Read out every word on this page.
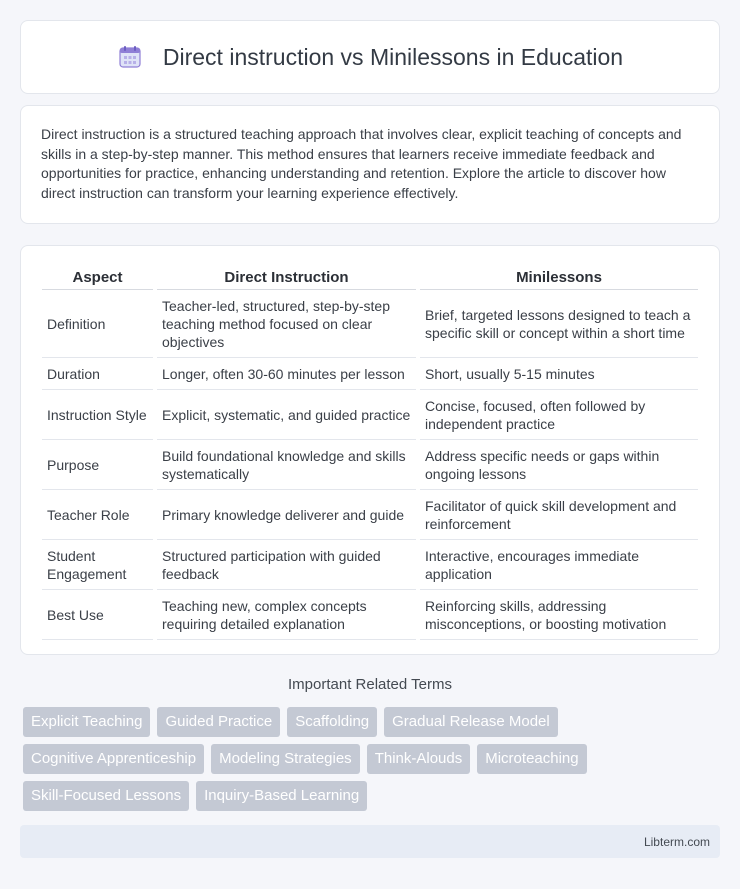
Direct instruction vs Minilessons in Education

Direct instruction is a structured teaching approach that involves clear, explicit teaching of concepts and skills in a step-by-step manner. This method ensures that learners receive immediate feedback and opportunities for practice, enhancing understanding and retention. Explore the article to discover how direct instruction can transform your learning experience effectively.

Aspect	Direct Instruction	Minilessons
Definition	Teacher-led, structured, step-by-step teaching method focused on clear objectives	Brief, targeted lessons designed to teach a specific skill or concept within a short time
Duration	Longer, often 30-60 minutes per lesson	Short, usually 5-15 minutes
Instruction Style	Explicit, systematic, and guided practice	Concise, focused, often followed by independent practice
Purpose	Build foundational knowledge and skills systematically	Address specific needs or gaps within ongoing lessons
Teacher Role	Primary knowledge deliverer and guide	Facilitator of quick skill development and reinforcement
Student Engagement	Structured participation with guided feedback	Interactive, encourages immediate application
Best Use	Teaching new, complex concepts requiring detailed explanation	Reinforcing skills, addressing misconceptions, or boosting motivation
Important Related Terms
Explicit Teaching	Guided Practice	Scaffolding	Gradual Release Model
Cognitive Apprenticeship	Modeling Strategies	Think-Alouds	Microteaching
Skill-Focused Lessons	Inquiry-Based Learning
Libterm.com
